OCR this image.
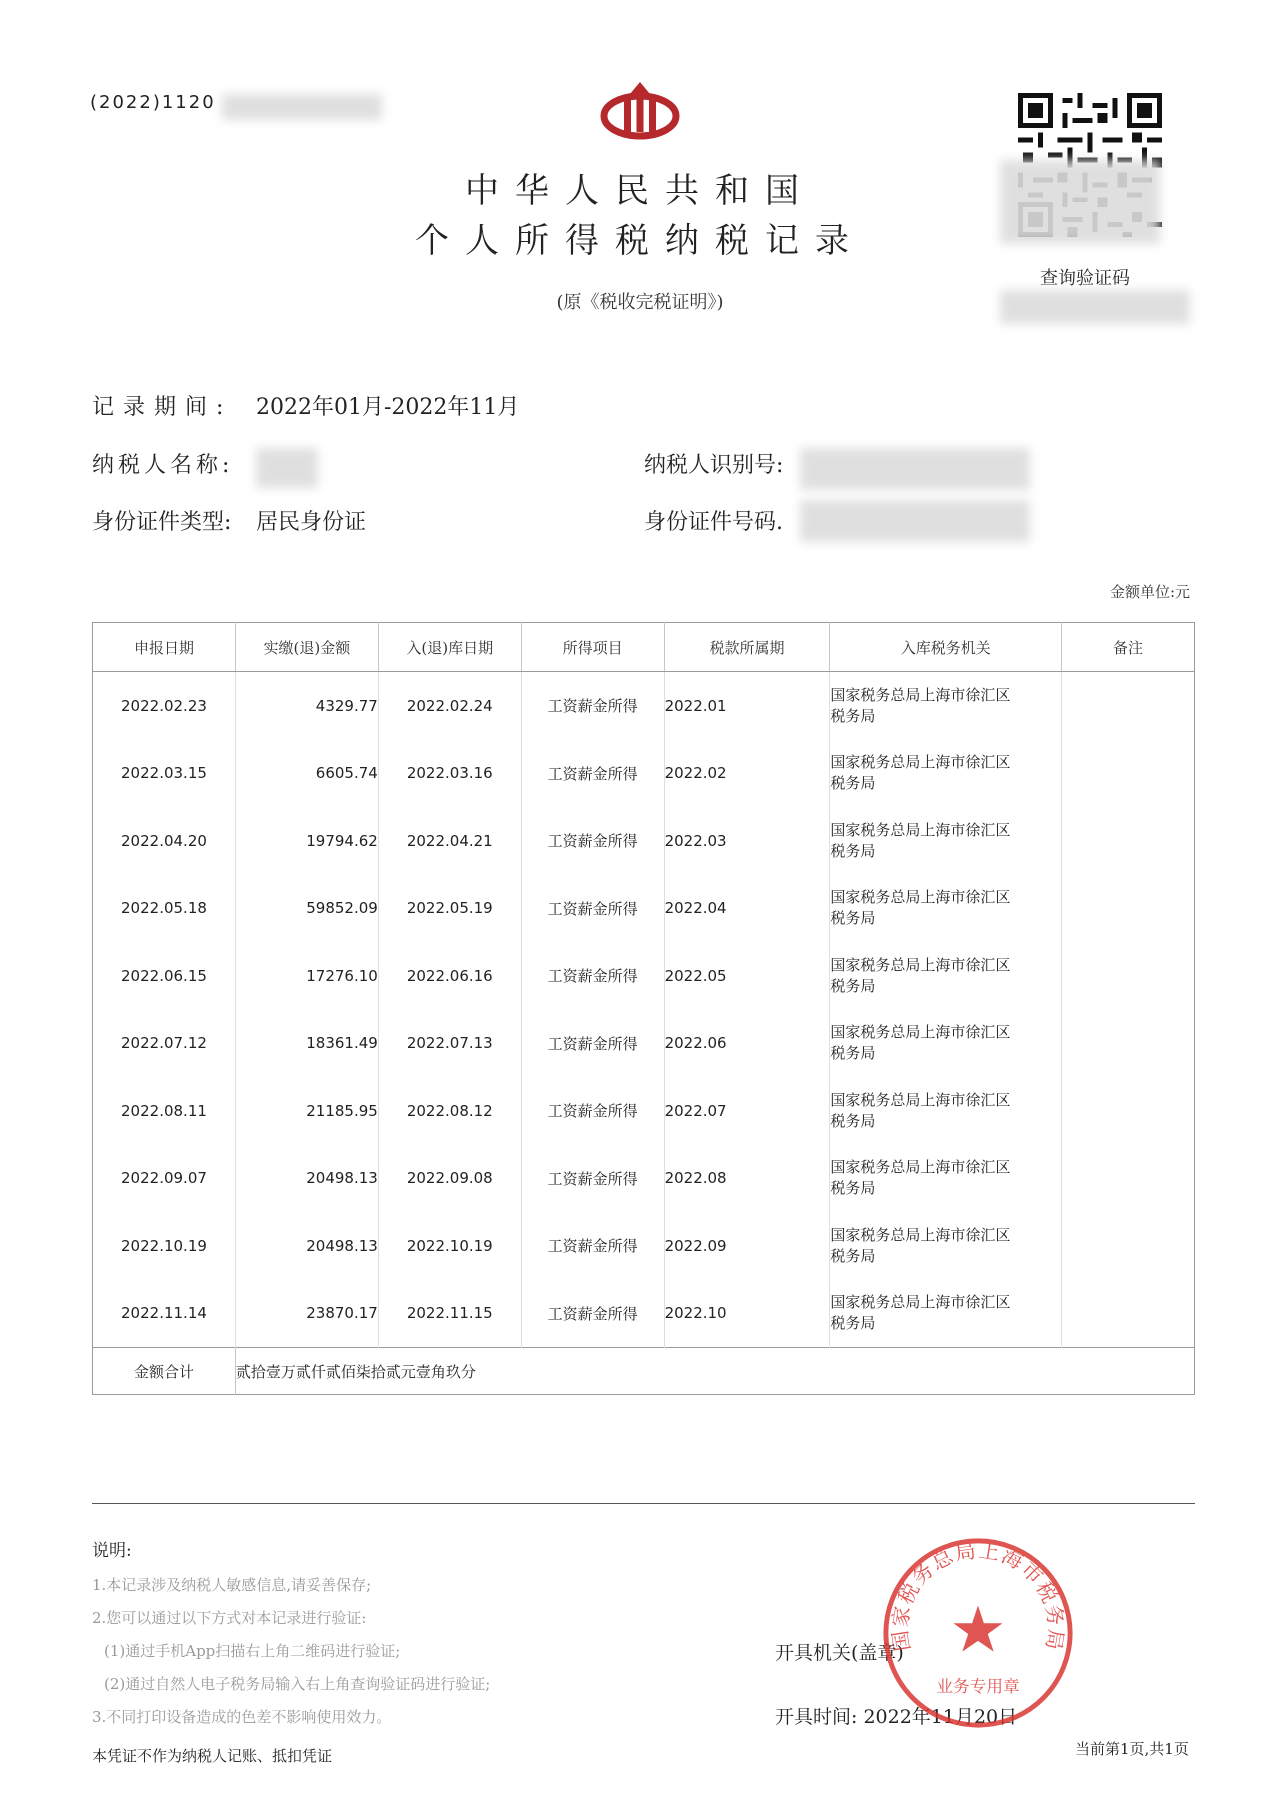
(2022)1120
中华人民共和国
个人所得税纳税记录
(原《税收完税证明》)
查询验证码
记录期间: 2022年01月-2022年11月
纳税人名称:	纳税人识别号:
身份证件类型: 居民身份证	身份证件号码.
金额单位:元
申报日期	实缴(退)金额	入(退)库日期	所得项目	税款所属期	入库税务机关	备注
2022.02.23	4329.77	2022.02.24	工资薪金所得	2022.01	国家税务总局上海市徐汇区
税务局	

2022.03.15	6605.74	2022.03.16	工资薪金所得	2022.02	国家税务总局上海市徐汇区
税务局	

2022.04.20	19794.62	2022.04.21	工资薪金所得	2022.03	国家税务总局上海市徐汇区
税务局	

2022.05.18	59852.09	2022.05.19	工资薪金所得	2022.04	国家税务总局上海市徐汇区
税务局	

2022.06.15	17276.10	2022.06.16	工资薪金所得	2022.05	国家税务总局上海市徐汇区
税务局	

2022.07.12	18361.49	2022.07.13	工资薪金所得	2022.06	国家税务总局上海市徐汇区
税务局	

2022.08.11	21185.95	2022.08.12	工资薪金所得	2022.07	国家税务总局上海市徐汇区
税务局	

2022.09.07	20498.13	2022.09.08	工资薪金所得	2022.08	国家税务总局上海市徐汇区
税务局	

2022.10.19	20498.13	2022.10.19	工资薪金所得	2022.09	国家税务总局上海市徐汇区
税务局	

2022.11.14	23870.17	2022.11.15	工资薪金所得	2022.10	国家税务总局上海市徐汇区
税务局	

金额合计	贰拾壹万贰仟贰佰柒拾贰元壹角玖分					
说明:
1.本记录涉及纳税人敏感信息,请妥善保存;
2.您可以通过以下方式对本记录进行验证:
(1)通过手机App扫描右上角二维码进行验证;
(2)通过自然人电子税务局输入右上角查询验证码进行验证;
3.不同打印设备造成的色差不影响使用效力。
本凭证不作为纳税人记账、抵扣凭证
开具机关(盖章)
开具时间: 2022年11月20日
当前第1页,共1页
国家税务总局上海市税务局
业务专用章
